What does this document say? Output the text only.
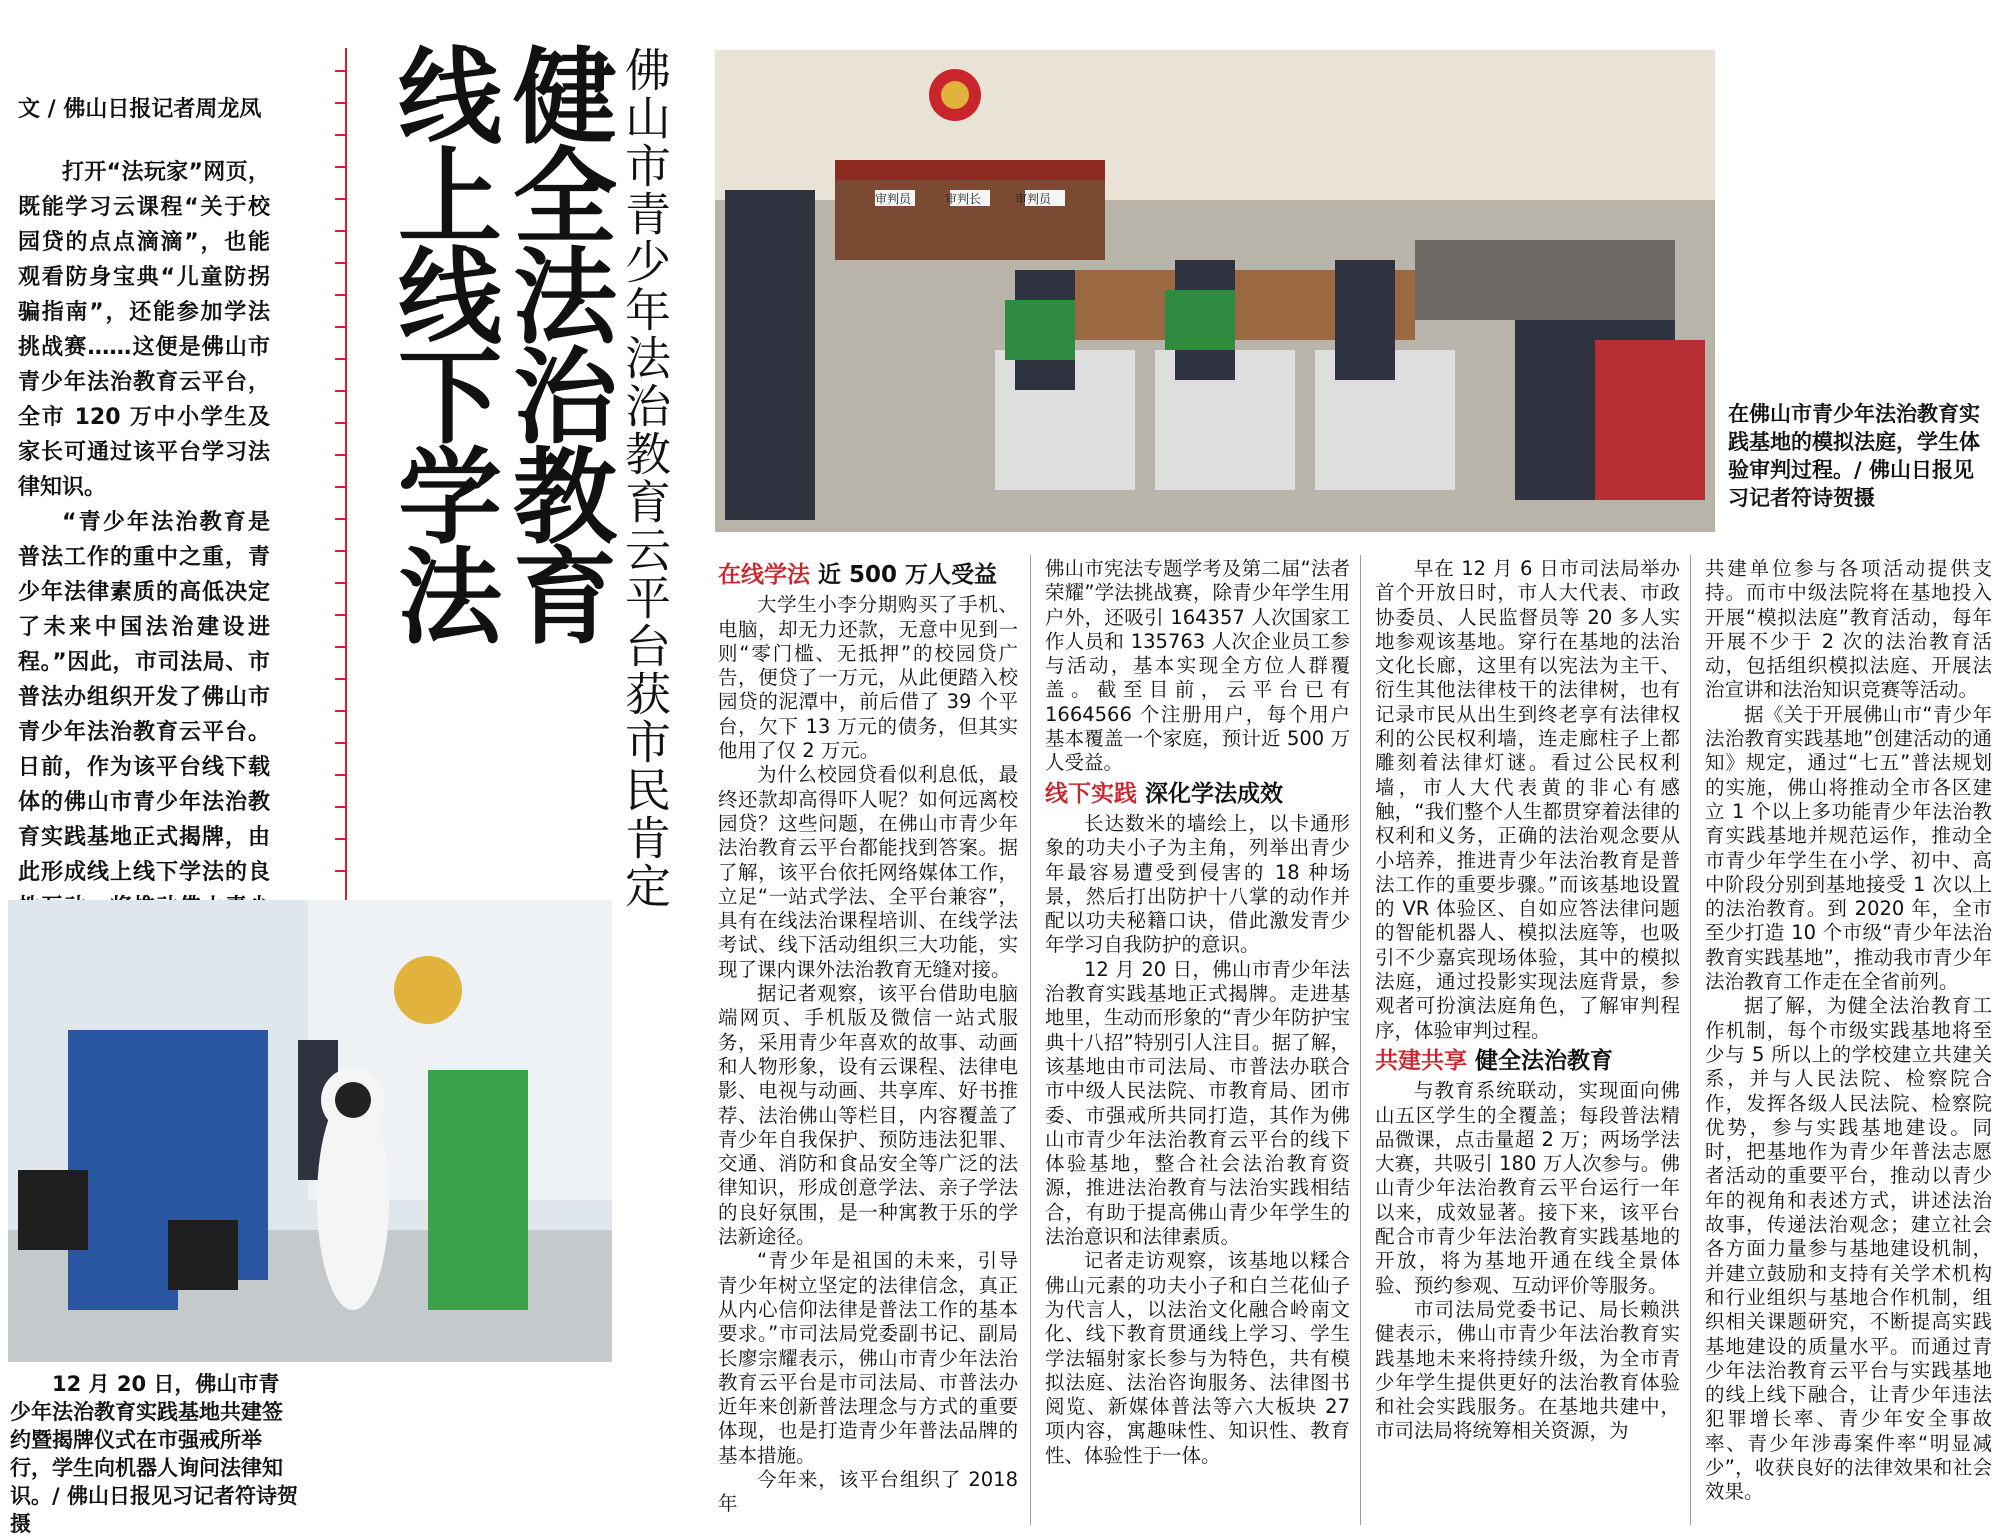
文 / 佛山日报记者周龙凤

打开“法玩家”网页，既能学习云课程“关于校园贷的点点滴滴”，也能观看防身宝典“儿童防拐骗指南”，还能参加学法挑战赛……这便是佛山市青少年法治教育云平台，全市 120 万中小学生及家长可通过该平台学习法律知识。

“青少年法治教育是普法工作的重中之重，青少年法律素质的高低决定了未来中国法治建设进程。”因此，市司法局、市普法办组织开发了佛山市青少年法治教育云平台。日前，作为该平台线下载体的佛山市青少年法治教育实践基地正式揭牌，由此形成线上线下学法的良

健全法治教育
线上线下学法	佛山市青少年法治教育云平台获市民肯定	在佛山市青少年法治教育实践基地的模拟法庭，学生体验审判过程。/ 佛山日报见习记者符诗贺摄
12 月 20 日，佛山市青少年法治教育实践基地共建签约暨揭牌仪式在市强戒所举行，学生向机器人询问法律知识。/ 佛山日报见习记者符诗贺摄
在线学法 近 500 万人受益

大学生小李分期购买了手机、电脑，却无力还款，无意中见到一则“零门槛、无抵押”的校园贷广告，便贷了一万元，从此便踏入校园贷的泥潭中，前后借了 39 个平台，欠下 13 万元的债务，但其实他用了仅 2 万元。

为什么校园贷看似利息低，最终还款却高得吓人呢？如何远离校园贷？这些问题，在佛山市青少年法治教育云平台都能找到答案。据了解，该平台依托网络媒体工作，立足“一站式学法、全平台兼容”，具有在线法治课程培训、在线学法考试、线下活动组织三大功能，实现了课内课外法治教育无缝对接。

据记者观察，该平台借助电脑端网页、手机版及微信一站式服务，采用青少年喜欢的故事、动画和人物形象，设有云课程、法律电影、电视与动画、共享库、好书推荐、法治佛山等栏目，内容覆盖了青少年自我保护、预防违法犯罪、交通、消防和食品安全等广泛的法律知识，形成创意学法、亲子学法的良好氛围，是一种寓教于乐的学法新途径。

“青少年是祖国的未来，引导青少年树立坚定的法律信念，真正从内心信仰法律是普法工作的基本要求。”市司法局党委副书记、副局长廖宗耀表示，佛山市青少年法治教育云平台是市司法局、市普法办近年来创新普法理念与方式的重要体现，也是打造青少年普法品牌的基本措施。

今年来，该平台组织了 2018 年

佛山市宪法专题学考及第二届“法者荣耀”学法挑战赛，除青少年学生用户外，还吸引 164357 人次国家工作人员和 135763 人次企业员工参与活动，基本实现全方位人群覆盖。截至目前，云平台已有 1664566 个注册用户，每个用户基本覆盖一个家庭，预计近 500 万人受益。

线下实践 深化学法成效

长达数米的墙绘上，以卡通形象的功夫小子为主角，列举出青少年最容易遭受到侵害的 18 种场景，然后打出防护十八掌的动作并配以功夫秘籍口诀，借此激发青少年学习自我防护的意识。

12 月 20 日，佛山市青少年法治教育实践基地正式揭牌。走进基地里，生动而形象的“青少年防护宝典十八招”特别引人注目。据了解，该基地由市司法局、市普法办联合市中级人民法院、市教育局、团市委、市强戒所共同打造，其作为佛山市青少年法治教育云平台的线下体验基地，整合社会法治教育资源，推进法治教育与法治实践相结合，有助于提高佛山青少年学生的法治意识和法律素质。

记者走访观察，该基地以糅合佛山元素的功夫小子和白兰花仙子为代言人，以法治文化融合岭南文化、线下教育贯通线上学习、学生学法辐射家长参与为特色，共有模拟法庭、法治咨询服务、法律图书阅览、新媒体普法等六大板块 27 项内容，寓趣味性、知识性、教育性、体验性于一体。

早在 12 月 6 日市司法局举办首个开放日时，市人大代表、市政协委员、人民监督员等 20 多人实地参观该基地。穿行在基地的法治文化长廊，这里有以宪法为主干、衍生其他法律枝干的法律树，也有记录市民从出生到终老享有法律权利的公民权利墙，连走廊柱子上都雕刻着法律灯谜。看过公民权利墙，市人大代表黄的非心有感触，“我们整个人生都贯穿着法律的权利和义务，正确的法治观念要从小培养，推进青少年法治教育是普法工作的重要步骤。”而该基地设置的 VR 体验区、自如应答法律问题的智能机器人、模拟法庭等，也吸引不少嘉宾现场体验，其中的模拟法庭，通过投影实现法庭背景，参观者可扮演法庭角色，了解审判程序，体验审判过程。

共建共享 健全法治教育

与教育系统联动，实现面向佛山五区学生的全覆盖；每段普法精品微课，点击量超 2 万；两场学法大赛，共吸引 180 万人次参与。佛山青少年法治教育云平台运行一年以来，成效显著。接下来，该平台配合市青少年法治教育实践基地的开放，将为基地开通在线全景体验、预约参观、互动评价等服务。

市司法局党委书记、局长赖洪健表示，佛山市青少年法治教育实践基地未来将持续升级，为全市青少年学生提供更好的法治教育体验和社会实践服务。在基地共建中，市司法局将统筹相关资源，为

共建单位参与各项活动提供支持。而市中级法院将在基地投入开展“模拟法庭”教育活动，每年开展不少于 2 次的法治教育活动，包括组织模拟法庭、开展法治宣讲和法治知识竞赛等活动。

据《关于开展佛山市“青少年法治教育实践基地”创建活动的通知》规定，通过“七五”普法规划的实施，佛山将推动全市各区建立 1 个以上多功能青少年法治教育实践基地并规范运作，推动全市青少年学生在小学、初中、高中阶段分别到基地接受 1 次以上的法治教育。到 2020 年，全市至少打造 10 个市级“青少年法治教育实践基地”，推动我市青少年法治教育工作走在全省前列。

据了解，为健全法治教育工作机制，每个市级实践基地将至少与 5 所以上的学校建立共建关系，并与人民法院、检察院合作，发挥各级人民法院、检察院优势，参与实践基地建设。同时，把基地作为青少年普法志愿者活动的重要平台，推动以青少年的视角和表述方式，讲述法治故事，传递法治观念；建立社会各方面力量参与基地建设机制，并建立鼓励和支持有关学术机构和行业组织与基地合作机制，组织相关课题研究，不断提高实践基地建设的质量水平。而通过青少年法治教育云平台与实践基地的线上线下融合，让青少年违法犯罪增长率、青少年安全事故率、青少年涉毒案件率“明显减少”，收获良好的法律效果和社会效果。

审判员	审判长	审判员
